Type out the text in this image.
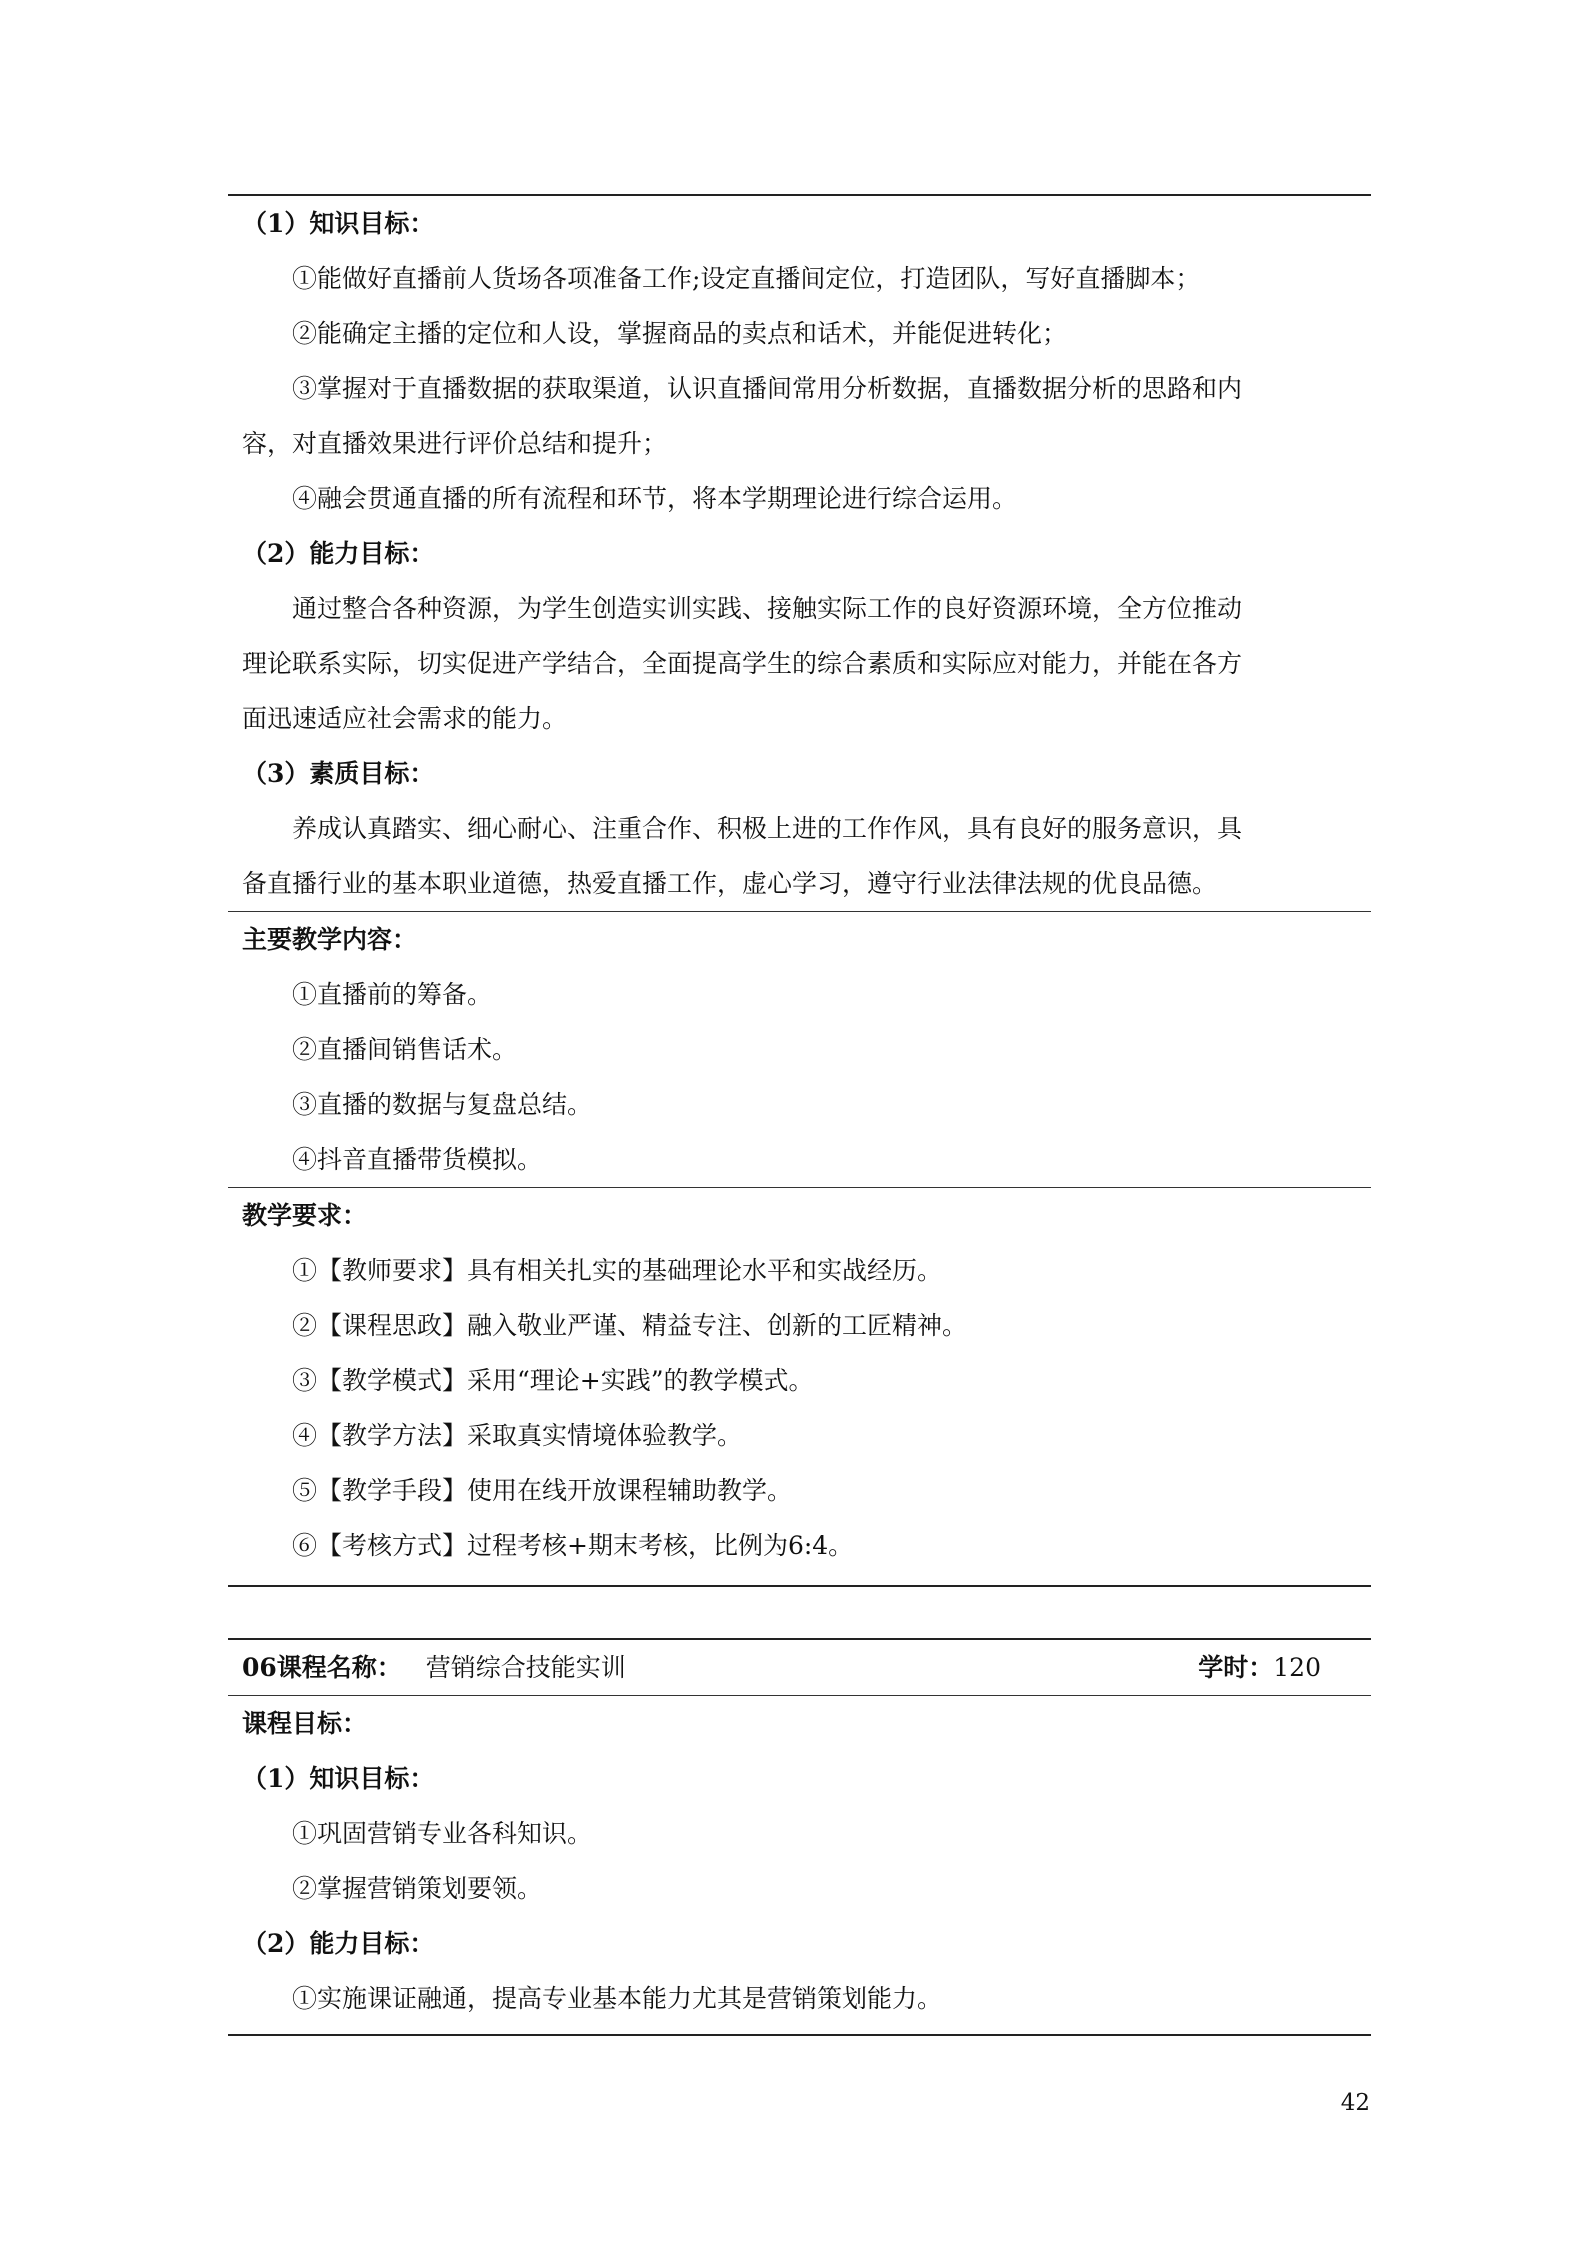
（1）知识目标：
①能做好直播前人货场各项准备工作;设定直播间定位，打造团队，写好直播脚本；
②能确定主播的定位和人设，掌握商品的卖点和话术，并能促进转化；
③掌握对于直播数据的获取渠道，认识直播间常用分析数据，直播数据分析的思路和内
容，对直播效果进行评价总结和提升；
④融会贯通直播的所有流程和环节，将本学期理论进行综合运用。
（2）能力目标：
通过整合各种资源，为学生创造实训实践、接触实际工作的良好资源环境，全方位推动
理论联系实际，切实促进产学结合，全面提高学生的综合素质和实际应对能力，并能在各方
面迅速适应社会需求的能力。
（3）素质目标：
养成认真踏实、细心耐心、注重合作、积极上进的工作作风，具有良好的服务意识，具
备直播行业的基本职业道德，热爱直播工作，虚心学习，遵守行业法律法规的优良品德。
主要教学内容：
①直播前的筹备。
②直播间销售话术。
③直播的数据与复盘总结。
④抖音直播带货模拟。
教学要求：
①【教师要求】具有相关扎实的基础理论水平和实战经历。
②【课程思政】融入敬业严谨、精益专注、创新的工匠精神。
③【教学模式】采用“理论+实践”的教学模式。
④【教学方法】采取真实情境体验教学。
⑤【教学手段】使用在线开放课程辅助教学。
⑥【考核方式】过程考核+期末考核，比例为6:4。
06课程名称： 营销综合技能实训	学时： 120
课程目标：
（1）知识目标：
①巩固营销专业各科知识。
②掌握营销策划要领。
（2）能力目标：
①实施课证融通，提高专业基本能力尤其是营销策划能力。
42
